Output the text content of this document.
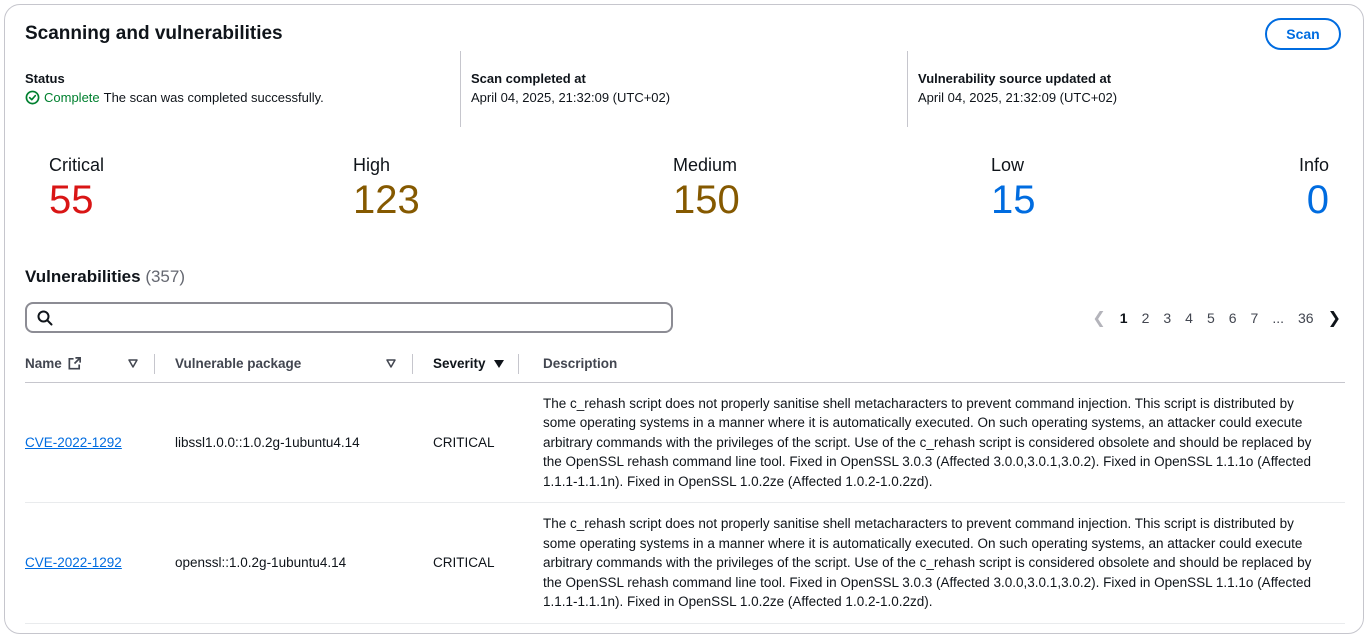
Scanning and vulnerabilities	Scan
Status
Complete The scan was completed successfully.
Scan completed at
April 04, 2025, 21:32:09 (UTC+02)
Vulnerability source updated at
April 04, 2025, 21:32:09 (UTC+02)
Critical
55
High
123
Medium
150
Low
15
Info
0
Vulnerabilities (357)
❮ 1 2 3 4 5 6 7 ... 36 ❯
Name	Vulnerable package	Severity	Description

CVE-2022-1292	libssl1.0.0::1.0.2g-1ubuntu4.14	CRITICAL	The c_rehash script does not properly sanitise shell metacharacters to prevent command injection. This script is distributed by some operating systems in a manner where it is automatically executed. On such operating systems, an attacker could execute arbitrary commands with the privileges of the script. Use of the c_rehash script is considered obsolete and should be replaced by the OpenSSL rehash command line tool. Fixed in OpenSSL 3.0.3 (Affected 3.0.0,3.0.1,3.0.2). Fixed in OpenSSL 1.1.1o (Affected 1.1.1-1.1.1n). Fixed in OpenSSL 1.0.2ze (Affected 1.0.2-1.0.2zd).
CVE-2022-1292	openssl::1.0.2g-1ubuntu4.14	CRITICAL	The c_rehash script does not properly sanitise shell metacharacters to prevent command injection. This script is distributed by some operating systems in a manner where it is automatically executed. On such operating systems, an attacker could execute arbitrary commands with the privileges of the script. Use of the c_rehash script is considered obsolete and should be replaced by the OpenSSL rehash command line tool. Fixed in OpenSSL 3.0.3 (Affected 3.0.0,3.0.1,3.0.2). Fixed in OpenSSL 1.1.1o (Affected 1.1.1-1.1.1n). Fixed in OpenSSL 1.0.2ze (Affected 1.0.2-1.0.2zd).
